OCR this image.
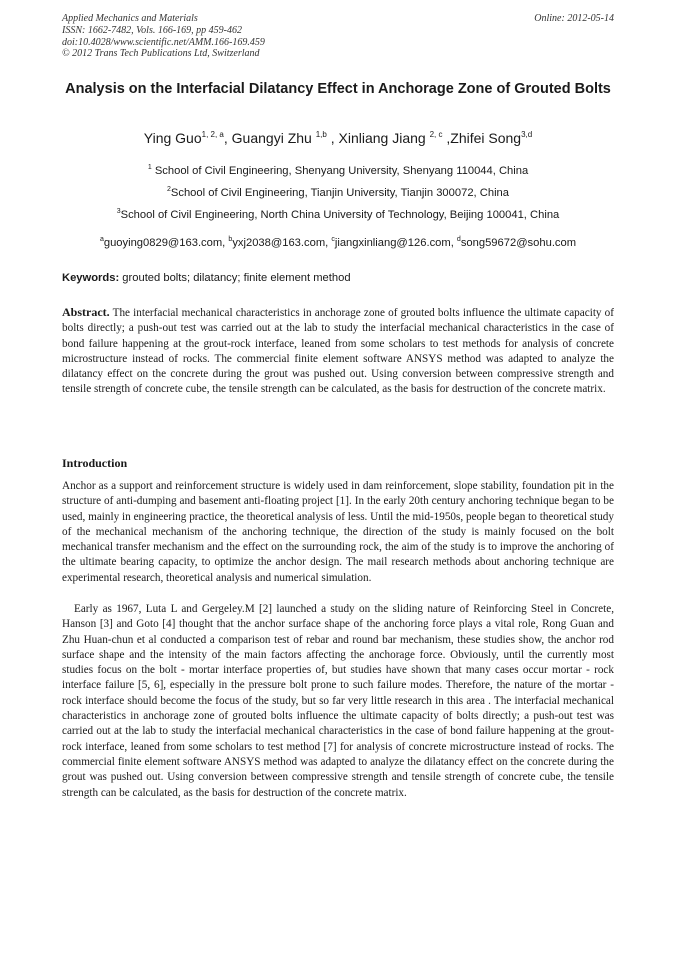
Applied Mechanics and Materials
ISSN: 1662-7482, Vols. 166-169, pp 459-462
doi:10.4028/www.scientific.net/AMM.166-169.459
© 2012 Trans Tech Publications Ltd, Switzerland
Online: 2012-05-14
Analysis on the Interfacial Dilatancy Effect in Anchorage Zone of Grouted Bolts
Ying Guo$^{1, 2, a}$, Guangyi Zhu $^{1,b}$ , Xinliang Jiang $^{2, c}$ ,Zhifei Song$^{3,d}$
$^1$ School of Civil Engineering, Shenyang University, Shenyang 110044, China
$^2$School of Civil Engineering, Tianjin University, Tianjin 300072, China
$^3$School of Civil Engineering, North China University of Technology, Beijing 100041, China
$^a$guoying0829@163.com, $^b$yxj2038@163.com, $^c$jiangxinliang@126.com, $^d$song59672@sohu.com
Keywords: grouted bolts; dilatancy; finite element method
Abstract. The interfacial mechanical characteristics in anchorage zone of grouted bolts influence the ultimate capacity of bolts directly; a push-out test was carried out at the lab to study the interfacial mechanical characteristics in the case of bond failure happening at the grout-rock interface, leaned from some scholars to test methods for analysis of concrete microstructure instead of rocks. The commercial finite element software ANSYS method was adapted to analyze the dilatancy effect on the concrete during the grout was pushed out. Using conversion between compressive strength and tensile strength of concrete cube, the tensile strength can be calculated, as the basis for destruction of the concrete matrix.
Introduction
Anchor as a support and reinforcement structure is widely used in dam reinforcement, slope stability, foundation pit in the structure of anti-dumping and basement anti-floating project [1]. In the early 20th century anchoring technique began to be used, mainly in engineering practice, the theoretical analysis of less. Until the mid-1950s, people began to theoretical study of the mechanical mechanism of the anchoring technique, the direction of the study is mainly focused on the bolt mechanical transfer mechanism and the effect on the surrounding rock, the aim of the study is to improve the anchoring of the ultimate bearing capacity, to optimize the anchor design. The mail research methods about anchoring technique are experimental research, theoretical analysis and numerical simulation.
Early as 1967, Luta L and Gergeley.M [2] launched a study on the sliding nature of Reinforcing Steel in Concrete, Hanson [3] and Goto [4] thought that the anchor surface shape of the anchoring force plays a vital role, Rong Guan and Zhu Huan-chun et al conducted a comparison test of rebar and round bar mechanism, these studies show, the anchor rod surface shape and the intensity of the main factors affecting the anchorage force. Obviously, until the currently most studies focus on the bolt - mortar interface properties of, but studies have shown that many cases occur mortar - rock interface failure [5, 6], especially in the pressure bolt prone to such failure modes. Therefore, the nature of the mortar - rock interface should become the focus of the study, but so far very little research in this area . The interfacial mechanical characteristics in anchorage zone of grouted bolts influence the ultimate capacity of bolts directly; a push-out test was carried out at the lab to study the interfacial mechanical characteristics in the case of bond failure happening at the grout-rock interface, leaned from some scholars to test method [7] for analysis of concrete microstructure instead of rocks. The commercial finite element software ANSYS method was adapted to analyze the dilatancy effect on the concrete during the grout was pushed out. Using conversion between compressive strength and tensile strength of concrete cube, the tensile strength can be calculated, as the basis for destruction of the concrete matrix.
